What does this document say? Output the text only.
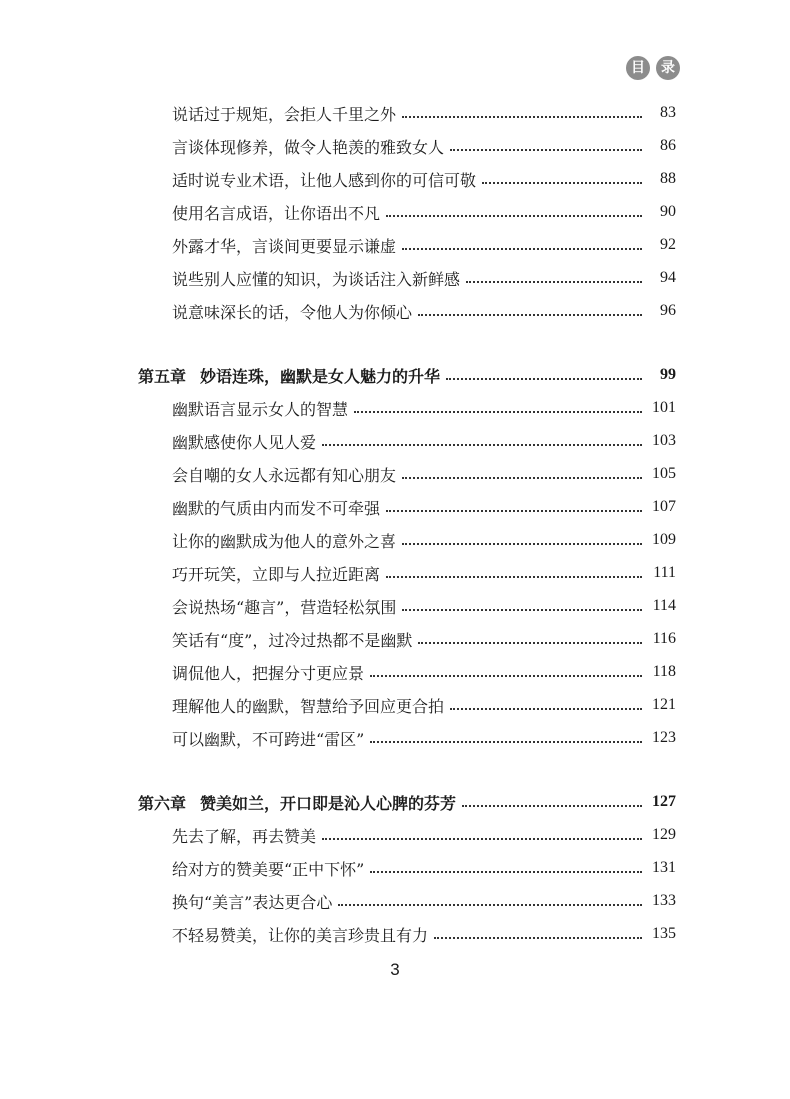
目	录
说话过于规矩，会拒人千里之外	83
言谈体现修养，做令人艳羡的雅致女人	86
适时说专业术语，让他人感到你的可信可敬	88
使用名言成语，让你语出不凡	90
外露才华，言谈间更要显示谦虚	92
说些别人应懂的知识，为谈话注入新鲜感	94
说意味深长的话，令他人为你倾心	96
第五章 妙语连珠，幽默是女人魅力的升华	99
幽默语言显示女人的智慧	101
幽默感使你人见人爱	103
会自嘲的女人永远都有知心朋友	105
幽默的气质由内而发不可牵强	107
让你的幽默成为他人的意外之喜	109
巧开玩笑，立即与人拉近距离	111
会说热场“趣言”，营造轻松氛围	114
笑话有“度”，过冷过热都不是幽默	116
调侃他人，把握分寸更应景	118
理解他人的幽默，智慧给予回应更合拍	121
可以幽默，不可跨进“雷区”	123
第六章 赞美如兰，开口即是沁人心脾的芬芳	127
先去了解，再去赞美	129
给对方的赞美要“正中下怀”	131
换句“美言”表达更合心	133
不轻易赞美，让你的美言珍贵且有力	135
3
